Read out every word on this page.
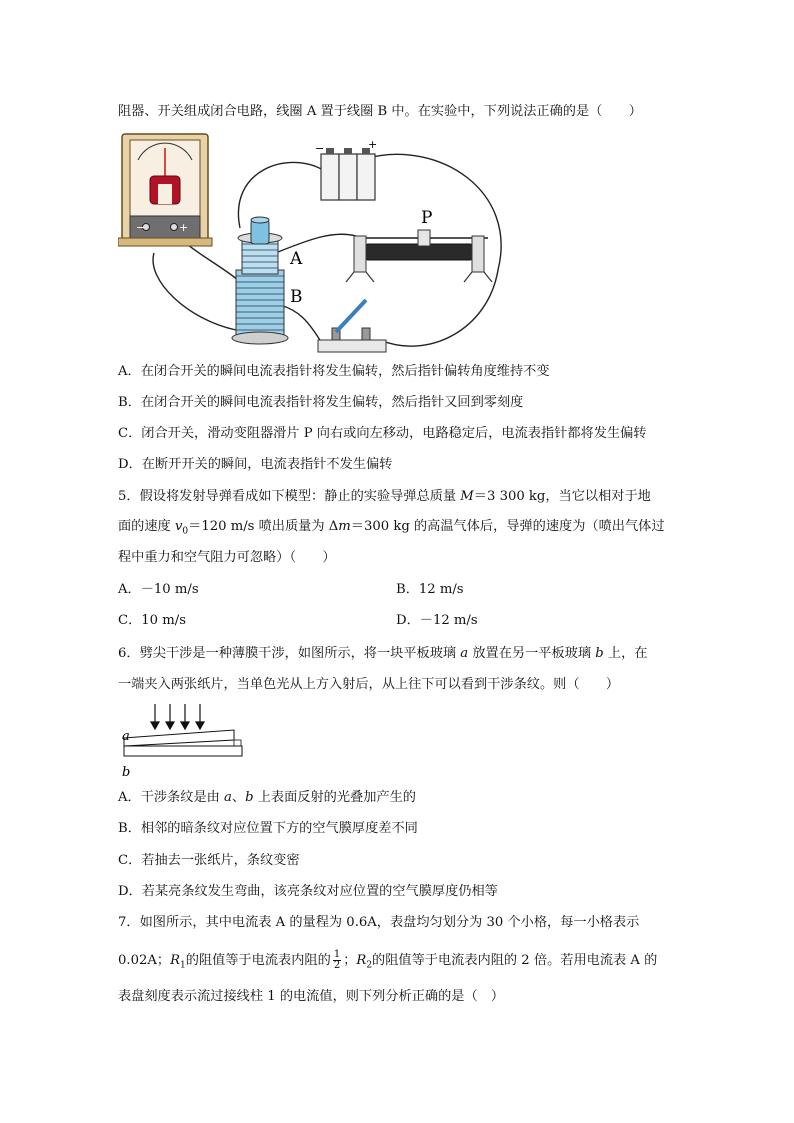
阻器、开关组成闭合电路，线圈 A 置于线圈 B 中。在实验中，下列说法正确的是（　　）
−	+
−	+
A
B
P
A．在闭合开关的瞬间电流表指针将发生偏转，然后指针偏转角度维持不变
B．在闭合开关的瞬间电流表指针将发生偏转，然后指针又回到零刻度
C．闭合开关，滑动变阻器滑片 P 向右或向左移动，电路稳定后，电流表指针都将发生偏转
D．在断开开关的瞬间，电流表指针不发生偏转
5．假设将发射导弹看成如下模型：静止的实验导弹总质量 M＝3 300 kg，当它以相对于地
面的速度 $v_0=120$ m/s 喷出质量为 Δm＝300 kg 的高温气体后，导弹的速度为（喷出气体过
程中重力和空气阻力可忽略）（　　）
A．－10 m/s	B．12 m/s
C．10 m/s	D．－12 m/s
6．劈尖干涉是一种薄膜干涉，如图所示，将一块平板玻璃 a 放置在另一平板玻璃 b 上，在
一端夹入两张纸片，当单色光从上方入射后，从上往下可以看到干涉条纹。则（　　）
a
b
A．干涉条纹是由 a、b 上表面反射的光叠加产生的
B．相邻的暗条纹对应位置下方的空气膜厚度差不同
C．若抽去一张纸片，条纹变密
D．若某亮条纹发生弯曲，该亮条纹对应位置的空气膜厚度仍相等
7．如图所示，其中电流表 A 的量程为 0.6A，表盘均匀划分为 30 个小格，每一小格表示
0.02A；$R_1$的阻值等于电流表内阻的 $\frac{1}{2}$ ；$R_2$的阻值等于电流表内阻的 2 倍。若用电流表 A 的
表盘刻度表示流过接线柱 1 的电流值，则下列分析正确的是（　）
